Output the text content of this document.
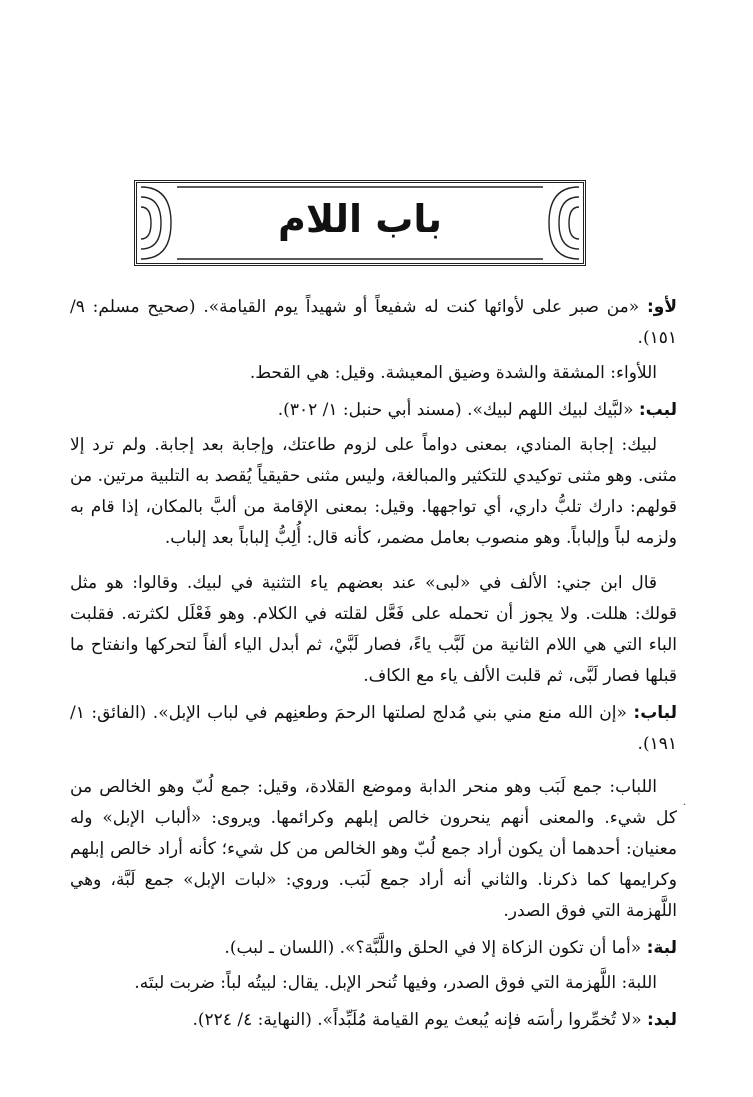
باب اللام

لأو: «من صبر على لأوائها كنت له شفيعاً أو شهيداً يوم القيامة». (صحيح مسلم: ٩/ ١٥١).

اللأواء: المشقة والشدة وضيق المعيشة. وقيل: هي القحط.

لبب: «لبَّيك لبيك اللهم لبيك». (مسند أبي حنبل: ١/ ٣٠٢).

لبيك: إجابة المنادي، بمعنى دواماً على لزوم طاعتك، وإجابة بعد إجابة. ولم ترد إلا مثنى. وهو مثنى توكيدي للتكثير والمبالغة، وليس مثنى حقيقياً يُقصد به التلبية مرتين. من قولهم: دارك تلبُّ داري، أي تواجهها. وقيل: بمعنى الإقامة من ألبَّ بالمكان، إذا قام به ولزمه لباً وإلباباً. وهو منصوب بعامل مضمر، كأنه قال: أُلِبُّ إلباباً بعد إلباب.

قال ابن جني: الألف في «لبى» عند بعضهم ياء التثنية في لبيك. وقالوا: هو مثل قولك: هللت. ولا يجوز أن تحمله على فَعَّل لقلته في الكلام. وهو فَعْلَل لكثرته. فقلبت الباء التي هي اللام الثانية من لَبَّب ياءً، فصار لَبَّيْ، ثم أبدل الياء ألفاً لتحركها وانفتاح ما قبلها فصار لَبَّى، ثم قلبت الألف ياء مع الكاف.

لباب: «إن الله منع مني بني مُدلج لصلتها الرحمَ وطعنِهم في لباب الإبل». (الفائق: ١/ ١٩١).

اللباب: جمع لَبَب وهو منحر الدابة وموضع القلادة، وقيل: جمع لُبّ وهو الخالص من كل شيء. والمعنى أنهم ينحرون خالص إبلهم وكرائمها. ويروى: «ألباب الإبل» وله معنيان: أحدهما أن يكون أراد جمع لُبّ وهو الخالص من كل شيء؛ كأنه أراد خالص إبلهم وكرايمها كما ذكرنا. والثاني أنه أراد جمع لَبَب. وروي: «لبات الإبل» جمع لَبَّة، وهي اللَّهزمة التي فوق الصدر.

لبة: «أما أن تكون الزكاة إلا في الحلق واللَّبَّة؟». (اللسان ـ لبب).

اللبة: اللَّهزمة التي فوق الصدر، وفيها تُنحر الإبل. يقال: لبيتُه لباً: ضربت لبتَه.

لبد: «لا تُخمِّروا رأسَه فإنه يُبعث يوم القيامة مُلَبِّداً». (النهاية: ٤/ ٢٢٤).

·
